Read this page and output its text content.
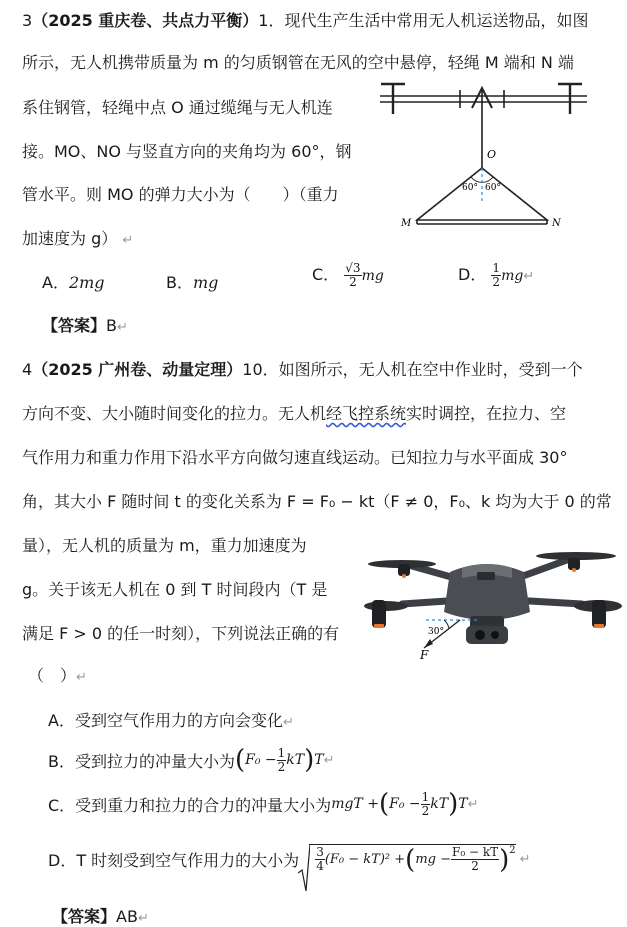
3（2025 重庆卷、共点力平衡）1．现代生产生活中常用无人机运送物品，如图
所示，无人机携带质量为 m 的匀质钢管在无风的空中悬停，轻绳 M 端和 N 端
系住钢管，轻绳中点 O 通过缆绳与无人机连
接。MO、NO 与竖直方向的夹角均为 60°，钢
管水平。则 MO 的弹力大小为（　　）（重力
加速度为 g） ↵
O
60° 60°
M	N
A．2mg	B．mg	C． $\frac{√3}{2}$ mg	D． $\frac{1}{2}$ mg↵
【答案】B↵
4（2025 广州卷、动量定理）10．如图所示，无人机在空中作业时，受到一个
方向不变、大小随时间变化的拉力。无人机经飞控系统实时调控，在拉力、空
气作用力和重力作用下沿水平方向做匀速直线运动。已知拉力与水平面成 30°
角，其大小 F 随时间 t 的变化关系为 F = F₀ − kt（F ≠ 0，F₀、k 均为大于 0 的常
量），无人机的质量为 m，重力加速度为
g。关于该无人机在 0 到 T 时间段内（T 是
满足 F > 0 的任一时刻），下列说法正确的有
（　）↵
30°
F
A．受到空气作用力的方向会变化↵
B．受到拉力的冲量大小为 ( $F_0 - \frac{1}{2}$ kT ) T ↵
C．受到重力和拉力的合力的冲量大小为 mgT + ( $F_0 - \frac{1}{2}$ kT ) T ↵
D．T 时刻受到空气作用力的大小为 $\frac{3}{4} (F_0 - kT)^2$ + ( mg − $\frac{\text{F₀ − kT}}{2} )^2$
↵
【答案】AB↵
